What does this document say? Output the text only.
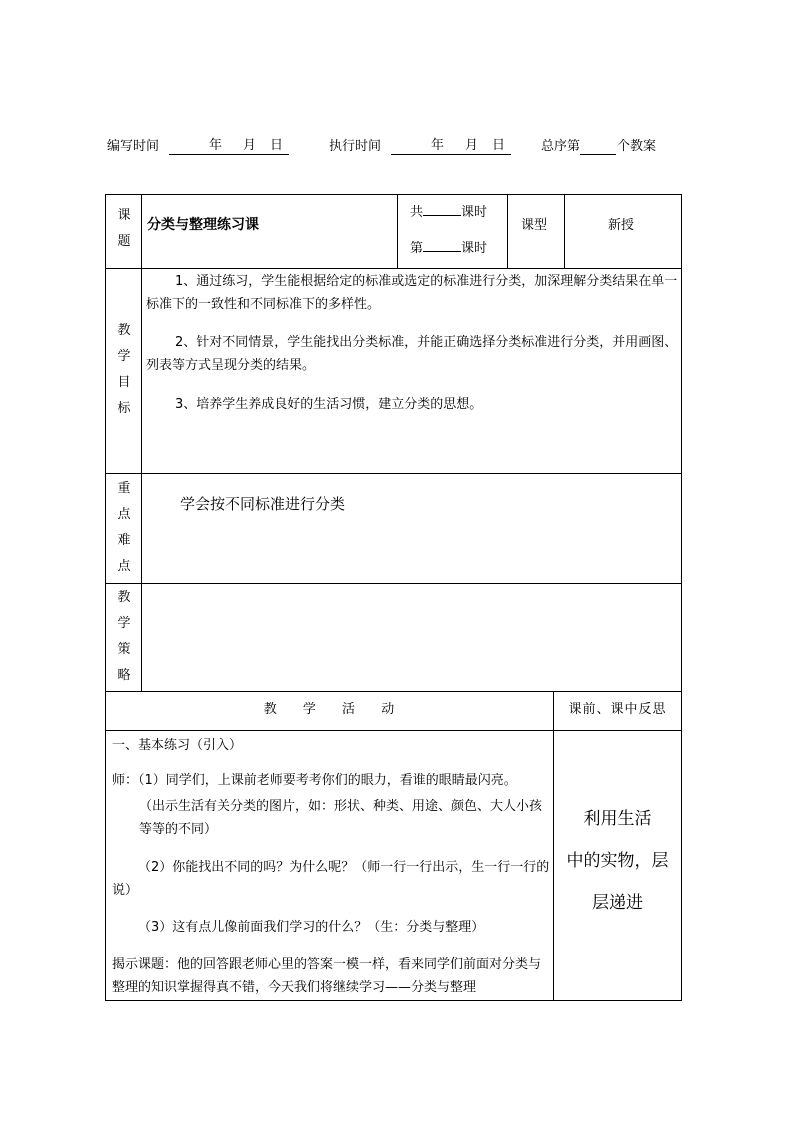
编写时间	年 月 日	执行时间	年 月 日	总序第	个教案
课
题
分类与整理练习课
共	课时
第	课时
课型	新授
教
学
目
标
1、通过练习，学生能根据给定的标准或选定的标准进行分类，加深理解分类结果在单一标准下的一致性和不同标准下的多样性。
2、针对不同情景，学生能找出分类标准，并能正确选择分类标准进行分类，并用画图、列表等方式呈现分类的结果。
3、培养学生养成良好的生活习惯，建立分类的思想。
重
点
难
点
学会按不同标准进行分类
教
学
策
略
教 学 活 动	课前、课中反思
一、基本练习（引入）
师：（1）同学们，上课前老师要考考你们的眼力，看谁的眼睛最闪亮。
（出示生活有关分类的图片，如：形状、种类、用途、颜色、大人小孩等等的不同）
（2）你能找出不同的吗？为什么呢？（师一行一行出示，生一行一行的说）
（3）这有点儿像前面我们学习的什么？（生：分类与整理）
揭示课题：他的回答跟老师心里的答案一模一样，看来同学们前面对分类与整理的知识掌握得真不错，今天我们将继续学习——分类与整理
利用生活
中的实物，层
层递进
